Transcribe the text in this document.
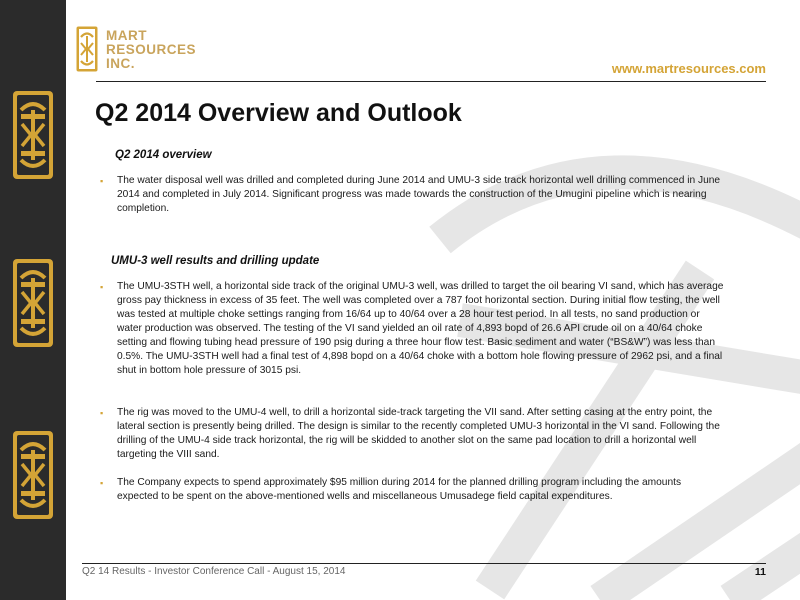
MART
RESOURCES
INC.	www.martresources.com
Q2 2014 Overview and Outlook
Q2 2014 overview
▪ The water disposal well was drilled and completed during June 2014 and UMU-3 side track horizontal well drilling commenced in June 2014 and completed in July 2014. Significant progress was made towards the construction of the Umugini pipeline which is nearing completion.
UMU-3 well results and drilling update
▪ The UMU-3STH well, a horizontal side track of the original UMU-3 well, was drilled to target the oil bearing VI sand, which has average gross pay thickness in excess of 35 feet. The well was completed over a 787 foot horizontal section. During initial flow testing, the well was tested at multiple choke settings ranging from 16/64 up to 40/64 over a 28 hour test period. In all tests, no sand production or water production was observed. The testing of the VI sand yielded an oil rate of 4,893 bopd of 26.6 API crude oil on a 40/64 choke setting and flowing tubing head pressure of 190 psig during a three hour flow test. Basic sediment and water (“BS&W”) was less than 0.5%. The UMU-3STH well had a final test of 4,898 bopd on a 40/64 choke with a bottom hole flowing pressure of 2962 psi, and a final shut in bottom hole pressure of 3015 psi.
▪ The rig was moved to the UMU-4 well, to drill a horizontal side-track targeting the VII sand. After setting casing at the entry point, the lateral section is presently being drilled. The design is similar to the recently completed UMU-3 horizontal in the VI sand. Following the drilling of the UMU-4 side track horizontal, the rig will be skidded to another slot on the same pad location to drill a horizontal well targeting the VIII sand.
▪ The Company expects to spend approximately $95 million during 2014 for the planned drilling program including the amounts expected to be spent on the above-mentioned wells and miscellaneous Umusadege field capital expenditures.
Q2 14 Results - Investor Conference Call - August 15, 2014	11
